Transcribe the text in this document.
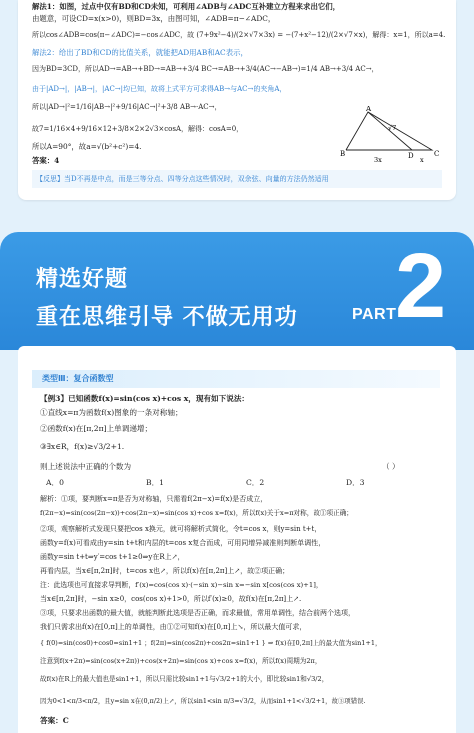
解法1：如图，过点中仅有BD和CD未知，可利用∠ADB与∠ADC互补建立方程来求出它们，
由题意，可设CD=x(x>0)，则BD=3x，由图可知，∠ADB=π−∠ADC，
所以cos∠ADB=cos(π−∠ADC)=−cos∠ADC，故 (7+9x²−4)/(2×√7×3x) = −(7+x²−12)/(2×√7×x)，解得：x=1，所以a=4.
解法2：给出了BD和CD的比值关系，就能把AD用AB和AC表示，
因为BD=3CD，所以AD→=AB→+BD→=AB→+3/4 BC→=AB→+3/4(AC→−AB→)=1/4 AB→+3/4 AC→，
由于|AD→|，|AB→|，|AC→|均已知，故将上式平方可求得AB→与AC→的夹角A，
所以|AD→|²=1/16|AB→|²+9/16|AC→|²+3/8 AB→·AC→，
故7=1/16×4+9/16×12+3/8×2×2√3×cosA，解得：cosA=0，
所以A=90°，故a=√(b²+c²)=4.
答案：4
【反思】当D不再是中点，而是三等分点、四等分点这些情况时，双余弦、向量的方法仍然适用
A
B	C
D
3x	x
√7
精选好题
重在思维引导 不做无用功 2
PART
类型Ⅲ：复合函数型
【例3】已知函数f(x)=sin(cos x)+cos x，现有如下说法：
①直线x=π为函数f(x)图象的一条对称轴；
②函数f(x)在[π,2π]上单调递增；
③∃x∈R，f(x)≥√3/2+1.
则上述说法中正确的个数为	（ ）
A．0	B．1	C．2	D．3
解析：①项，要判断x=π是否为对称轴，只需看f(2π−x)=f(x)是否成立，
f(2π−x)=sin(cos(2π−x))+cos(2π−x)=sin(cos x)+cos x=f(x)，所以f(x)关于x=π对称，故①项正确；
②项，观察解析式发现只要把cos x换元，就可将解析式简化，令t=cos x，则y=sin t+t，
函数y=f(x)可看成由y=sin t+t和内层的t=cos x复合而成，可用同增异减准则判断单调性，
函数y=sin t+t⇒y′=cos t+1≥0⇒y在R上↗，
再看内层，当x∈[π,2π]时，t=cos x也↗，所以f(x)在[π,2π]上↗，故②项正确；
注：此选项也可直接求导判断，f′(x)=cos(cos x)·(−sin x)−sin x=−sin x[cos(cos x)+1]，
当x∈[π,2π]时，−sin x≥0，cos(cos x)+1>0，所以f′(x)≥0，故f(x)在[π,2π]上↗.
③项，只要求出函数的最大值，就能判断此选项是否正确，而求最值，常用单调性，结合前两个选项，
我们只需求出f(x)在[0,π]上的单调性，由①②可知f(x)在[0,π]上↘，所以最大值可求，
{ f(0)=sin(cos0)+cos0=sin1+1 ；f(2π)=sin(cos2π)+cos2π=sin1+1 } ⇒ f(x)在[0,2π]上的最大值为sin1+1，
注意到f(x+2π)=sin(cos(x+2π))+cos(x+2π)=sin(cos x)+cos x=f(x)，所以f(x)周期为2π，
故f(x)在R上的最大值也是sin1+1，所以只需比较sin1+1与√3/2+1的大小，即比较sin1和√3/2，
因为0<1<π/3<π/2，且y=sin x在(0,π/2)上↗，所以sin1<sin π/3=√3/2，从而sin1+1<√3/2+1，故③项错误.
答案：C
